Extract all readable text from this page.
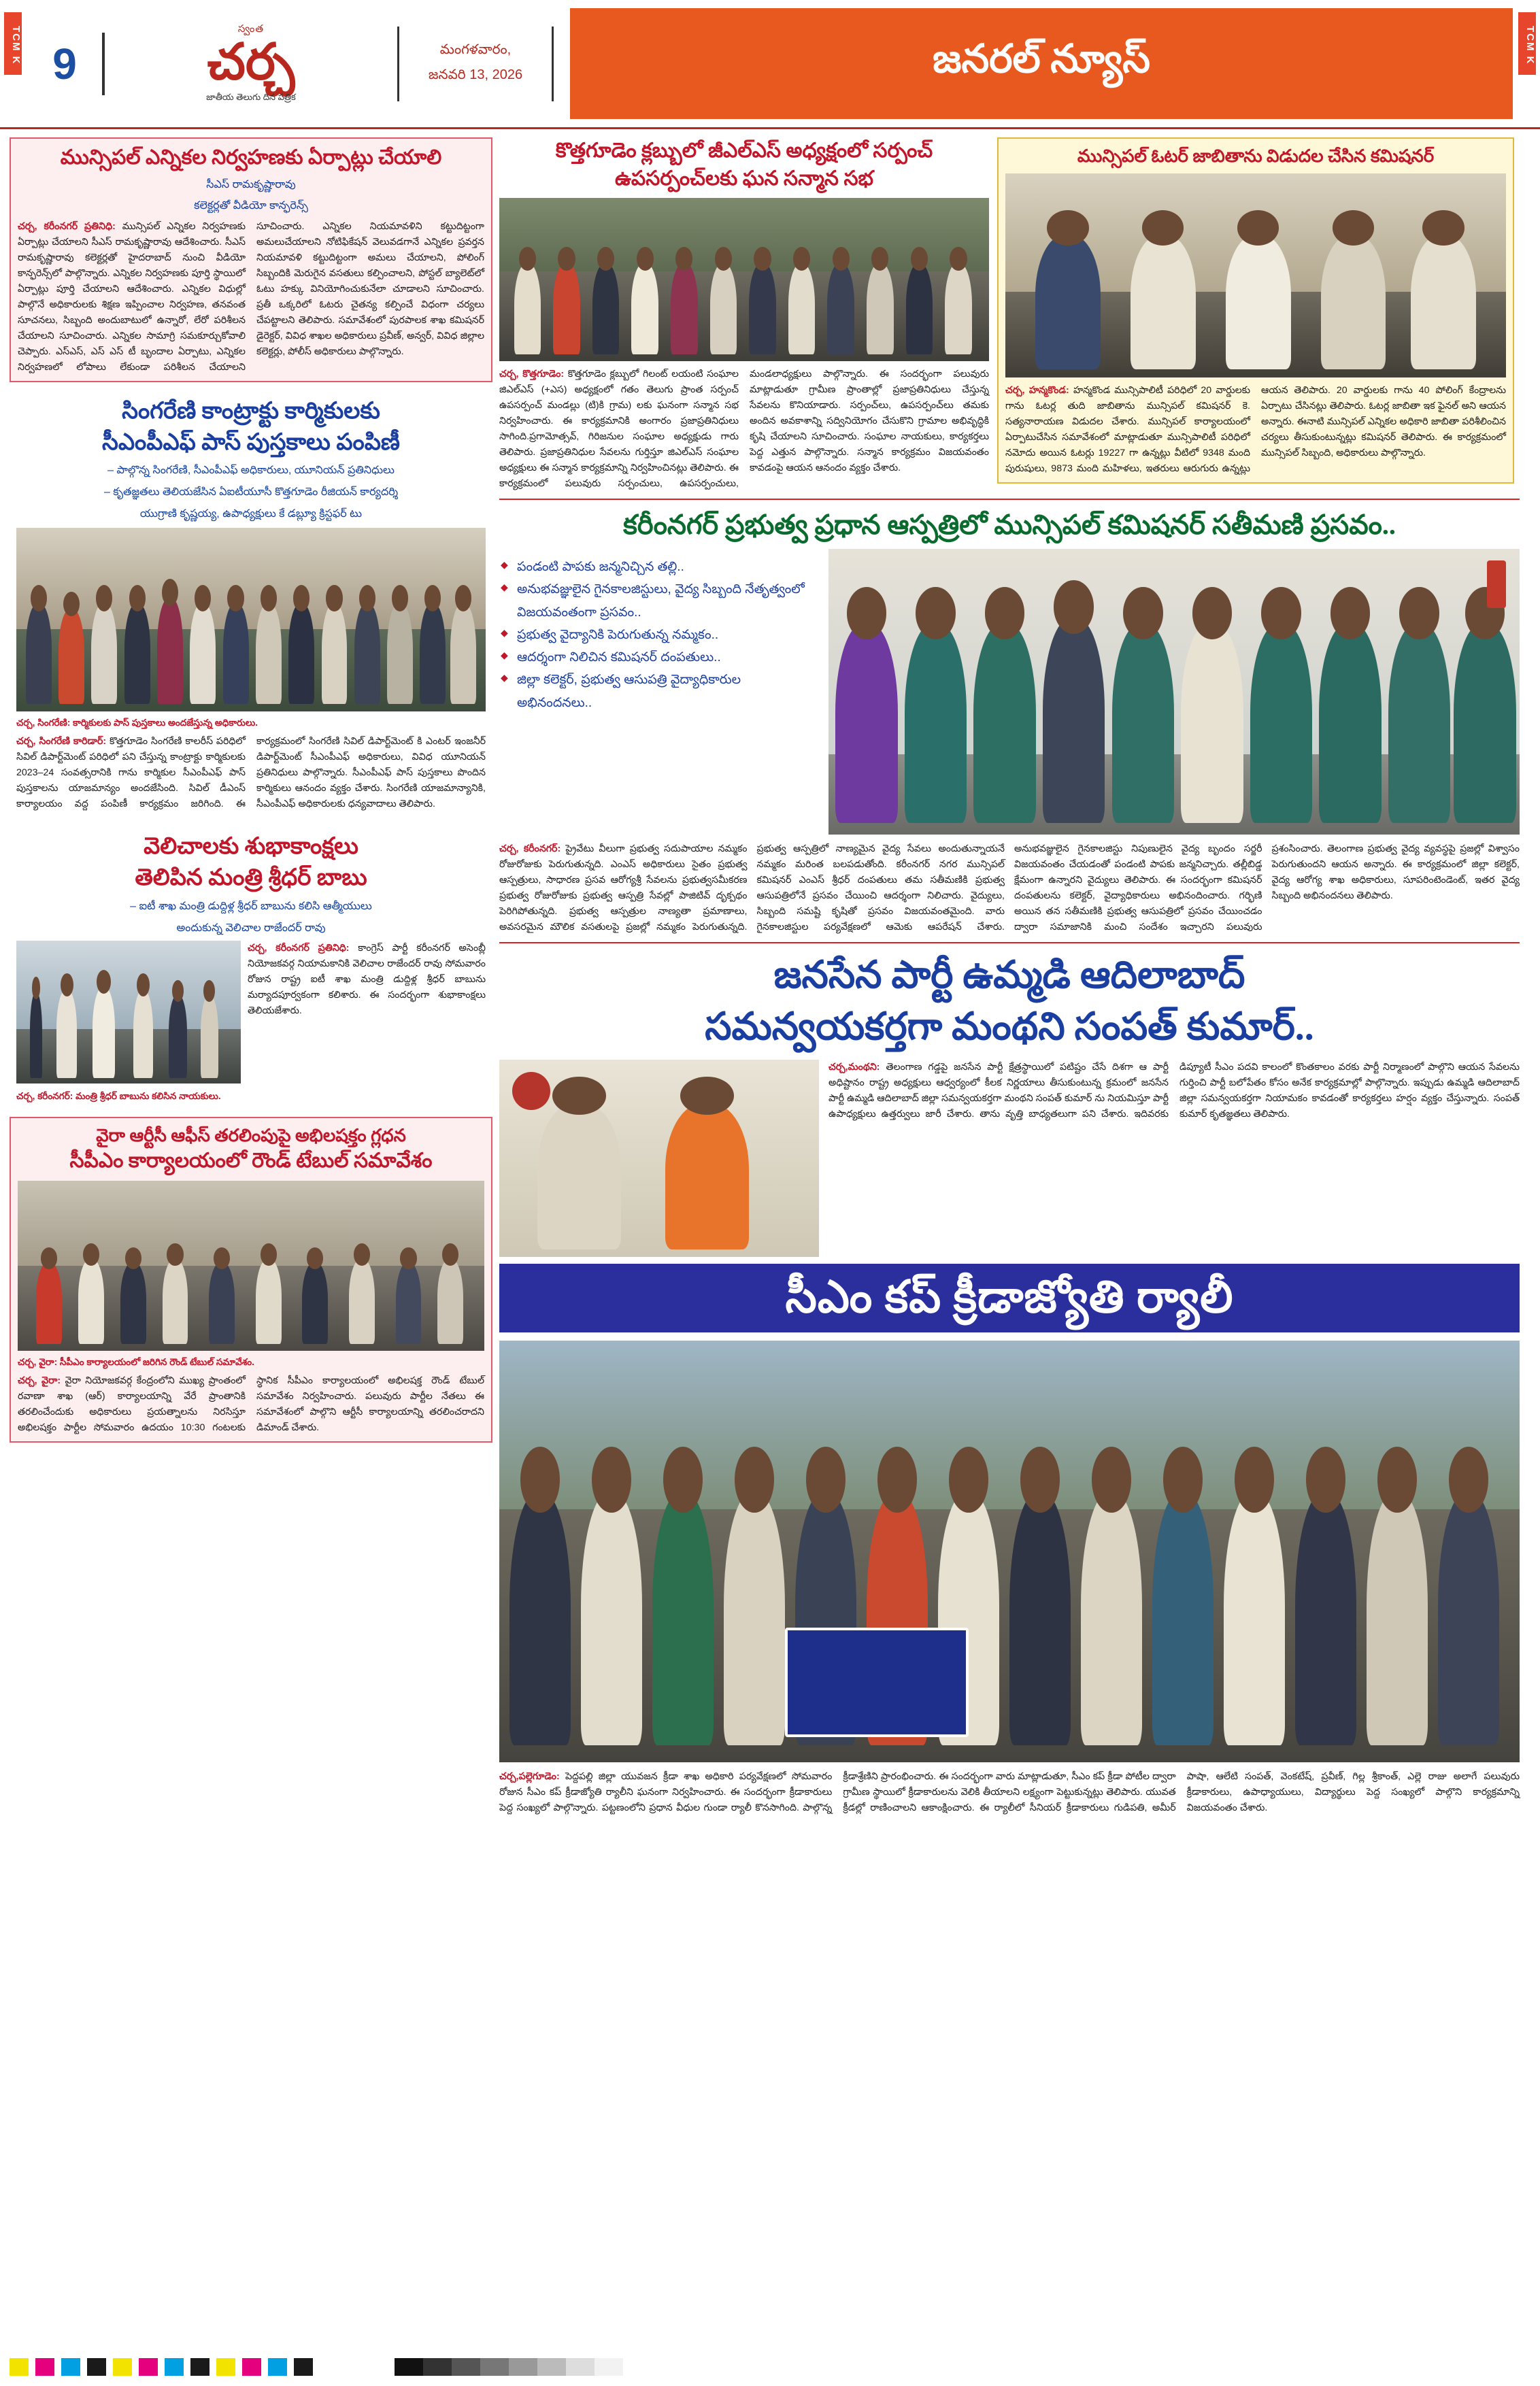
TCM K 9
స్వంత
చర్చ
జాతీయ తెలుగు దిన పత్రిక
మంగళవారం,
జనవరి 13, 2026	జనరల్ న్యూస్	TCM K
మున్సిపల్ ఎన్నికల నిర్వహణకు ఏర్పాట్లు చేయాలి
సీఎస్ రామకృష్ణారావు
కలెక్టర్లతో వీడియో కాన్ఫరెన్స్
చర్చ, కరీంనగర్ ప్రతినిధి: మున్సిపల్ ఎన్నికల నిర్వహణకు ఏర్పాట్లు చేయాలని సీఎస్ రామకృష్ణారావు ఆదేశించారు. సీఎస్ రామకృష్ణారావు కలెక్టర్లతో హైదరాబాద్ నుంచి వీడియో కాన్ఫరెన్స్‌లో పాల్గొన్నారు. ఎన్నికల నిర్వహణకు పూర్తి స్థాయిలో ఏర్పాట్లు పూర్తి చేయాలని ఆదేశించారు. ఎన్నికల విధుల్లో పాల్గొనే అధికారులకు శిక్షణ ఇప్పించాల నిర్వహణ, తనవంత సూచనలు, సిబ్బంది అందుబాటులో ఉన్నారో, లేరో పరిశీలన చేయాలని సూచించారు. ఎన్నికల సామాగ్రి సమకూర్చుకోవాలి చెప్పారు. ఎస్‌ఎస్, ఎస్ ఎస్ టీ బృందాల ఏర్పాటు, ఎన్నికల నిర్వహణలో లోపాలు లేకుండా పరిశీలన చేయాలని సూచించారు. ఎన్నికల నియమావళిని కట్టుదిట్టంగా అమలుచేయాలని నోటిఫికేషన్ వెలువడగానే ఎన్నికల ప్రవర్తన నియమావళి కట్టుదిట్టంగా అమలు చేయాలని, పోలింగ్ సిబ్బందికి మెరుగైన వసతులు కల్పించాలని, పోస్టల్ బ్యాలెట్‌లో ఓటు హక్కు వినియోగించుకునేలా చూడాలని సూచించారు. ప్రతీ ఒక్కరిలో ఓటరు చైతన్య కల్పించే విధంగా చర్యలు చేపట్టాలని తెలిపారు. సమావేశంలో పురపాలక శాఖ కమిషనర్ డైరెక్టర్, వివిధ శాఖల అధికారులు ప్రవీణ్, అన్వర్, వివిధ జిల్లాల కలెక్టర్లు, పోలీస్ అధికారులు పాల్గొన్నారు.
సింగరేణి కాంట్రాక్టు కార్మికులకు
సీఎంపీఎఫ్ పాస్ పుస్తకాలు పంపిణీ
– పాల్గొన్న సింగరేణి, సీఎంపీఎఫ్ అధికారులు, యూనియన్ ప్రతినిధులు
– కృతజ్ఞతలు తెలియజేసిన ఏఐటీయూసీ కొత్తగూడెం రీజియన్ కార్యదర్శి
యుగ్రాణి కృష్ణయ్య, ఉపాధ్యక్షులు కే డబ్ల్యూ క్రిస్టఫర్ టు
చర్చ, సింగరేణి: కార్మికులకు పాస్ పుస్తకాలు అందజేస్తున్న అధికారులు.
చర్చ, సింగరేణి కారిడార్: కొత్తగూడెం సింగరేణి కాలరీస్ పరిధిలో సివిల్ డిపార్ట్‌మెంట్ పరిధిలో పని చేస్తున్న కాంట్రాక్టు కార్మికులకు 2023–24 సంవత్సరానికి గాను కార్మికుల సీఎంపీఎఫ్ పాస్ పుస్తకాలను యాజమాన్యం అందజేసింది. సివిల్ డీఎంస్ కార్యాలయం వద్ద పంపిణీ కార్యక్రమం జరిగింది. ఈ కార్యక్రమంలో సింగరేణి సివిల్ డిపార్ట్‌మెంట్ కి ఎంటర్ ఇంజనీర్ డిపార్ట్‌మెంట్ సీఎంపీఎఫ్ అధికారులు, వివిధ యూనియన్ ప్రతినిధులు పాల్గొన్నారు. సీఎంపీఎఫ్ పాస్ పుస్తకాలు పొందిన కార్మికులు ఆనందం వ్యక్తం చేశారు. సింగరేణి యాజమాన్యానికి, సీఎంపీఎఫ్ అధికారులకు ధన్యవాదాలు తెలిపారు.
వెలిచాలకు శుభాకాంక్షలు
తెలిపిన మంత్రి శ్రీధర్ బాబు
– ఐటీ శాఖ మంత్రి డుద్దిళ్ల శ్రీధర్ బాబును కలిసి ఆత్మీయులు
అందుకున్న వెలిచాల రాజేందర్ రావు
చర్చ, కరీంనగర్ ప్రతినిధి: కాంగ్రెస్ పార్టీ కరీంనగర్ అసెంబ్లీ నియోజకవర్గ నియామకానికి వెలిచాల రాజేందర్ రావు సోమవారం రోజున రాష్ట్ర ఐటీ శాఖ మంత్రి డుద్దిళ్ల శ్రీధర్ బాబును మర్యాదపూర్వకంగా కలిశారు. ఈ సందర్భంగా శుభాకాంక్షలు తెలియజేశారు.
చర్చ, కరీంనగర్: మంత్రి శ్రీధర్ బాబును కలిసిన నాయకులు.
వైరా ఆర్టీసీ ఆఫీస్ తరలింపుపై అభిలషక్తం గ్లధన
సీపీఎం కార్యాలయంలో రౌండ్ టేబుల్ సమావేశం
చర్చ, వైరా: సీపీఎం కార్యాలయంలో జరిగిన రౌండ్ టేబుల్ సమావేశం.
చర్చ, వైరా: వైరా నియోజకవర్గ కేంద్రంలోని ముఖ్య ప్రాంతంలో రవాణా శాఖ (ఆర్) కార్యాలయాన్ని వేరే ప్రాంతానికి తరలించేందుకు అధికారులు ప్రయత్నాలను నిరసిస్తూ అభిలషక్తం పార్టీల సోమవారం ఉదయం 10:30 గంటలకు స్థానిక సీపీఎం కార్యాలయంలో అభిలషక్త రౌండ్ టేబుల్ సమావేశం నిర్వహించారు. పలువురు పార్టీల నేతలు ఈ సమావేశంలో పాల్గొని ఆర్టీసీ కార్యాలయాన్ని తరలించరాదని డిమాండ్ చేశారు.
కొత్తగూడెం క్లబ్బులో జీఎల్ఎస్ అధ్యక్షంలో సర్పంచ్
ఉపసర్పంచ్‌లకు ఘన సన్మాన సభ
చర్చ, కొత్తగూడెం: కొత్తగూడెం క్లబ్బులో గిలంట్ లయంటి సంఘాల జిఎల్ఎస్ (+ఎస) అధ్యక్షంలో గతం తెలుగు ప్రాంత సర్పంచ్ ఉపసర్పంచ్ మండల్లు (టి)కి గ్రామ) లకు ఘనంగా సన్మాన సభ నిర్వహించారు. ఈ కార్యక్రమానికి అంగారం ప్రజాప్రతినిధులు సాగింది.ప్రగామోత్సవ్, గిరిజనుల సంఘాల అధ్యక్షుడు గారు తెలిపారు. ప్రజాప్రతినిధుల సేవలను గుర్తిస్తూ జిఎల్ఎస్ సంఘాల అధ్యక్షులు ఈ సన్మాన కార్యక్రమాన్ని నిర్వహించినట్లు తెలిపారు. ఈ కార్యక్రమంలో పలువురు సర్పంచులు, ఉపసర్పంచులు, మండలాధ్యక్షులు పాల్గొన్నారు. ఈ సందర్భంగా పలువురు మాట్లాడుతూ గ్రామీణ ప్రాంతాల్లో ప్రజాప్రతినిధులు చేస్తున్న సేవలను కొనియాడారు. సర్పంచ్‌లు, ఉపసర్పంచ్‌లు తమకు అందిన అవకాశాన్ని సద్వినియోగం చేసుకొని గ్రామాల అభివృద్ధికి కృషి చేయాలని సూచించారు. సంఘాల నాయకులు, కార్యకర్తలు పెద్ద ఎత్తున పాల్గొన్నారు. సన్మాన కార్యక్రమం విజయవంతం కావడంపై ఆయన ఆనందం వ్యక్తం చేశారు.
మున్సిపల్ ఓటర్ జాబితాను విడుదల చేసిన కమిషనర్
చర్చ, హన్మకొండ: హన్మకొండ మున్సిపాలిటీ పరిధిలో 20 వార్డులకు గాను ఓటర్ల తుది జాబితాను మున్సిపల్ కమిషనర్ కె. సత్యనారాయణ విడుదల చేశారు. మున్సిపల్ కార్యాలయంలో ఏర్పాటుచేసిన సమావేశంలో మాట్లాడుతూ మున్సిపాలిటీ పరిధిలో నమోదు అయిన ఓటర్లు 19227 గా ఉన్నట్లు వీటిలో 9348 మంది పురుషులు, 9873 మంది మహిళలు, ఇతరులు ఆరుగురు ఉన్నట్లు ఆయన తెలిపారు. 20 వార్డులకు గాను 40 పోలింగ్ కేంద్రాలను ఏర్పాటు చేసినట్లు తెలిపారు. ఓటర్ల జాబితా ఇక ఫైనల్ అని ఆయన అన్నారు. ఈనాటి మున్సిపల్ ఎన్నికల అధికారి జాబితా పరిశీలించిన చర్యలు తీసుకుంటున్నట్లు కమిషనర్ తెలిపారు. ఈ కార్యక్రమంలో మున్సిపల్ సిబ్బంది, అధికారులు పాల్గొన్నారు.
కరీంనగర్ ప్రభుత్వ ప్రధాన ఆస్పత్రిలో మున్సిపల్ కమిషనర్ సతీమణి ప్రసవం..
◆ పండంటి పాపకు జన్మనిచ్చిన తల్లి..
◆ అనుభవజ్ఞులైన గైనకాలజిస్టులు, వైద్య సిబ్బంది నేతృత్వంలో విజయవంతంగా ప్రసవం..
◆ ప్రభుత్వ వైద్యానికి పెరుగుతున్న నమ్మకం..
◆ ఆదర్శంగా నిలిచిన కమిషనర్ దంపతులు..
◆ జిల్లా కలెక్టర్, ప్రభుత్వ ఆసుపత్రి వైద్యాధికారుల అభినందనలు..
చర్చ, కరీంనగర్: ప్రైవేటు వీలుగా ప్రభుత్వ సదుపాయాల నమ్మకం రోజురోజుకు పెరుగుతున్నది. ఎంఎస్ అధికారులు సైతం ప్రభుత్వ ఆస్పత్రులు, సాధారణ ప్రసవ ఆరోగ్యశ్రీ సేవలను ప్రభుత్వసమీకరణ ప్రభుత్వ రోజురోజుకు ప్రభుత్వ ఆస్పత్రి సేవల్లో పాజిటివ్ దృక్పథం పెరిగిపోతున్నది. ప్రభుత్వ ఆస్పత్రుల నాణ్యతా ప్రమాణాలు, అవసరమైన మౌలిక వసతులపై ప్రజల్లో నమ్మకం పెరుగుతున్నది. ప్రభుత్వ ఆస్పత్రిలో నాణ్యమైన వైద్య సేవలు అందుతున్నాయనే నమ్మకం మరింత బలపడుతోంది. కరీంనగర్ నగర మున్సిపల్ కమిషనర్ ఎంఎస్ శ్రీధర్ దంపతులు తమ సతీమణికి ప్రభుత్వ ఆసుపత్రిలోనే ప్రసవం చేయించి ఆదర్శంగా నిలిచారు. వైద్యులు, సిబ్బంది సమష్టి కృషితో ప్రసవం విజయవంతమైంది. వారు గైనకాలజిస్టుల పర్యవేక్షణలో ఆమెకు ఆపరేషన్ చేశారు. అనుభవజ్ఞులైన గైనకాలజిస్టు నిపుణులైన వైద్య బృందం సర్జరీ విజయవంతం చేయడంతో పండంటి పాపకు జన్మనిచ్చారు. తల్లీబిడ్డ క్షేమంగా ఉన్నారని వైద్యులు తెలిపారు. ఈ సందర్భంగా కమిషనర్ దంపతులను కలెక్టర్, వైద్యాధికారులు అభినందించారు. గర్భిణి అయిన తన సతీమణికి ప్రభుత్వ ఆసుపత్రిలో ప్రసవం చేయించడం ద్వారా సమాజానికి మంచి సందేశం ఇచ్చారని పలువురు ప్రశంసించారు. తెలంగాణ ప్రభుత్వ వైద్య వ్యవస్థపై ప్రజల్లో విశ్వాసం పెరుగుతుందని ఆయన అన్నారు. ఈ కార్యక్రమంలో జిల్లా కలెక్టర్, వైద్య ఆరోగ్య శాఖ అధికారులు, సూపరింటెండెంట్, ఇతర వైద్య సిబ్బంది అభినందనలు తెలిపారు.
జనసేన పార్టీ ఉమ్మడి ఆదిలాబాద్
సమన్వయకర్తగా మంథని సంపత్ కుమార్..
చర్చ,మంథని: తెలంగాణ గడ్డపై జనసేన పార్టీ క్షేత్రస్థాయిలో పటిష్టం చేసే దిశగా ఆ పార్టీ అధిష్టానం రాష్ట్ర అధ్యక్షులు ఆధ్వర్యంలో కీలక నిర్ణయాలు తీసుకుంటున్న క్రమంలో జనసేన పార్టీ ఉమ్మడి ఆదిలాబాద్ జిల్లా సమన్వయకర్తగా మంథని సంపత్ కుమార్ ను నియమిస్తూ పార్టీ ఉపాధ్యక్షులు ఉత్తర్వులు జారీ చేశారు. తాను వృత్తి బాధ్యతలుగా పని చేశారు. ఇదివరకు డిప్యూటీ సీఎం పదవి కాలంలో కొంతకాలం వరకు పార్టీ నిర్మాణంలో పాల్గొని ఆయన సేవలను గుర్తించి పార్టీ బలోపేతం కోసం అనేక కార్యక్రమాల్లో పాల్గొన్నారు. ఇప్పుడు ఉమ్మడి ఆదిలాబాద్ జిల్లా సమన్వయకర్తగా నియామకం కావడంతో కార్యకర్తలు హర్షం వ్యక్తం చేస్తున్నారు. సంపత్ కుమార్ కృతజ్ఞతలు తెలిపారు.
సీఎం కప్ క్రీడాజ్యోతి ర్యాలీ
చర్చ,పల్లెగూడెం: పెద్దపల్లి జిల్లా యువజన క్రీడా శాఖ అధికారి పర్యవేక్షణలో సోమవారం రోజున సీఎం కప్ క్రీడాజ్యోతి ర్యాలీని ఘనంగా నిర్వహించారు. ఈ సందర్భంగా క్రీడాకారులు పెద్ద సంఖ్యలో పాల్గొన్నారు. పట్టణంలోని ప్రధాన వీధుల గుండా ర్యాలీ కొనసాగింది. పాల్గొన్న క్రీడాశ్రేణిని ప్రారంభించారు. ఈ సందర్భంగా వారు మాట్లాడుతూ, సీఎం కప్ క్రీడా పోటీల ద్వారా గ్రామీణ స్థాయిలో క్రీడాకారులను వెలికి తీయాలని లక్ష్యంగా పెట్టుకున్నట్లు తెలిపారు. యువత క్రీడల్లో రాణించాలని ఆకాంక్షించారు. ఈ ర్యాలీలో సీనియర్ క్రీడాకారులు గుడిపతి, అమీర్ పాషా, ఆలేటి సంపత్, వెంకటేష్, ప్రవీణ్, గిల్ల శ్రీకాంత్, ఎల్లె రాజు అలాగే పలువురు క్రీడాకారులు, ఉపాధ్యాయులు, విద్యార్థులు పెద్ద సంఖ్యలో పాల్గొని కార్యక్రమాన్ని విజయవంతం చేశారు.
